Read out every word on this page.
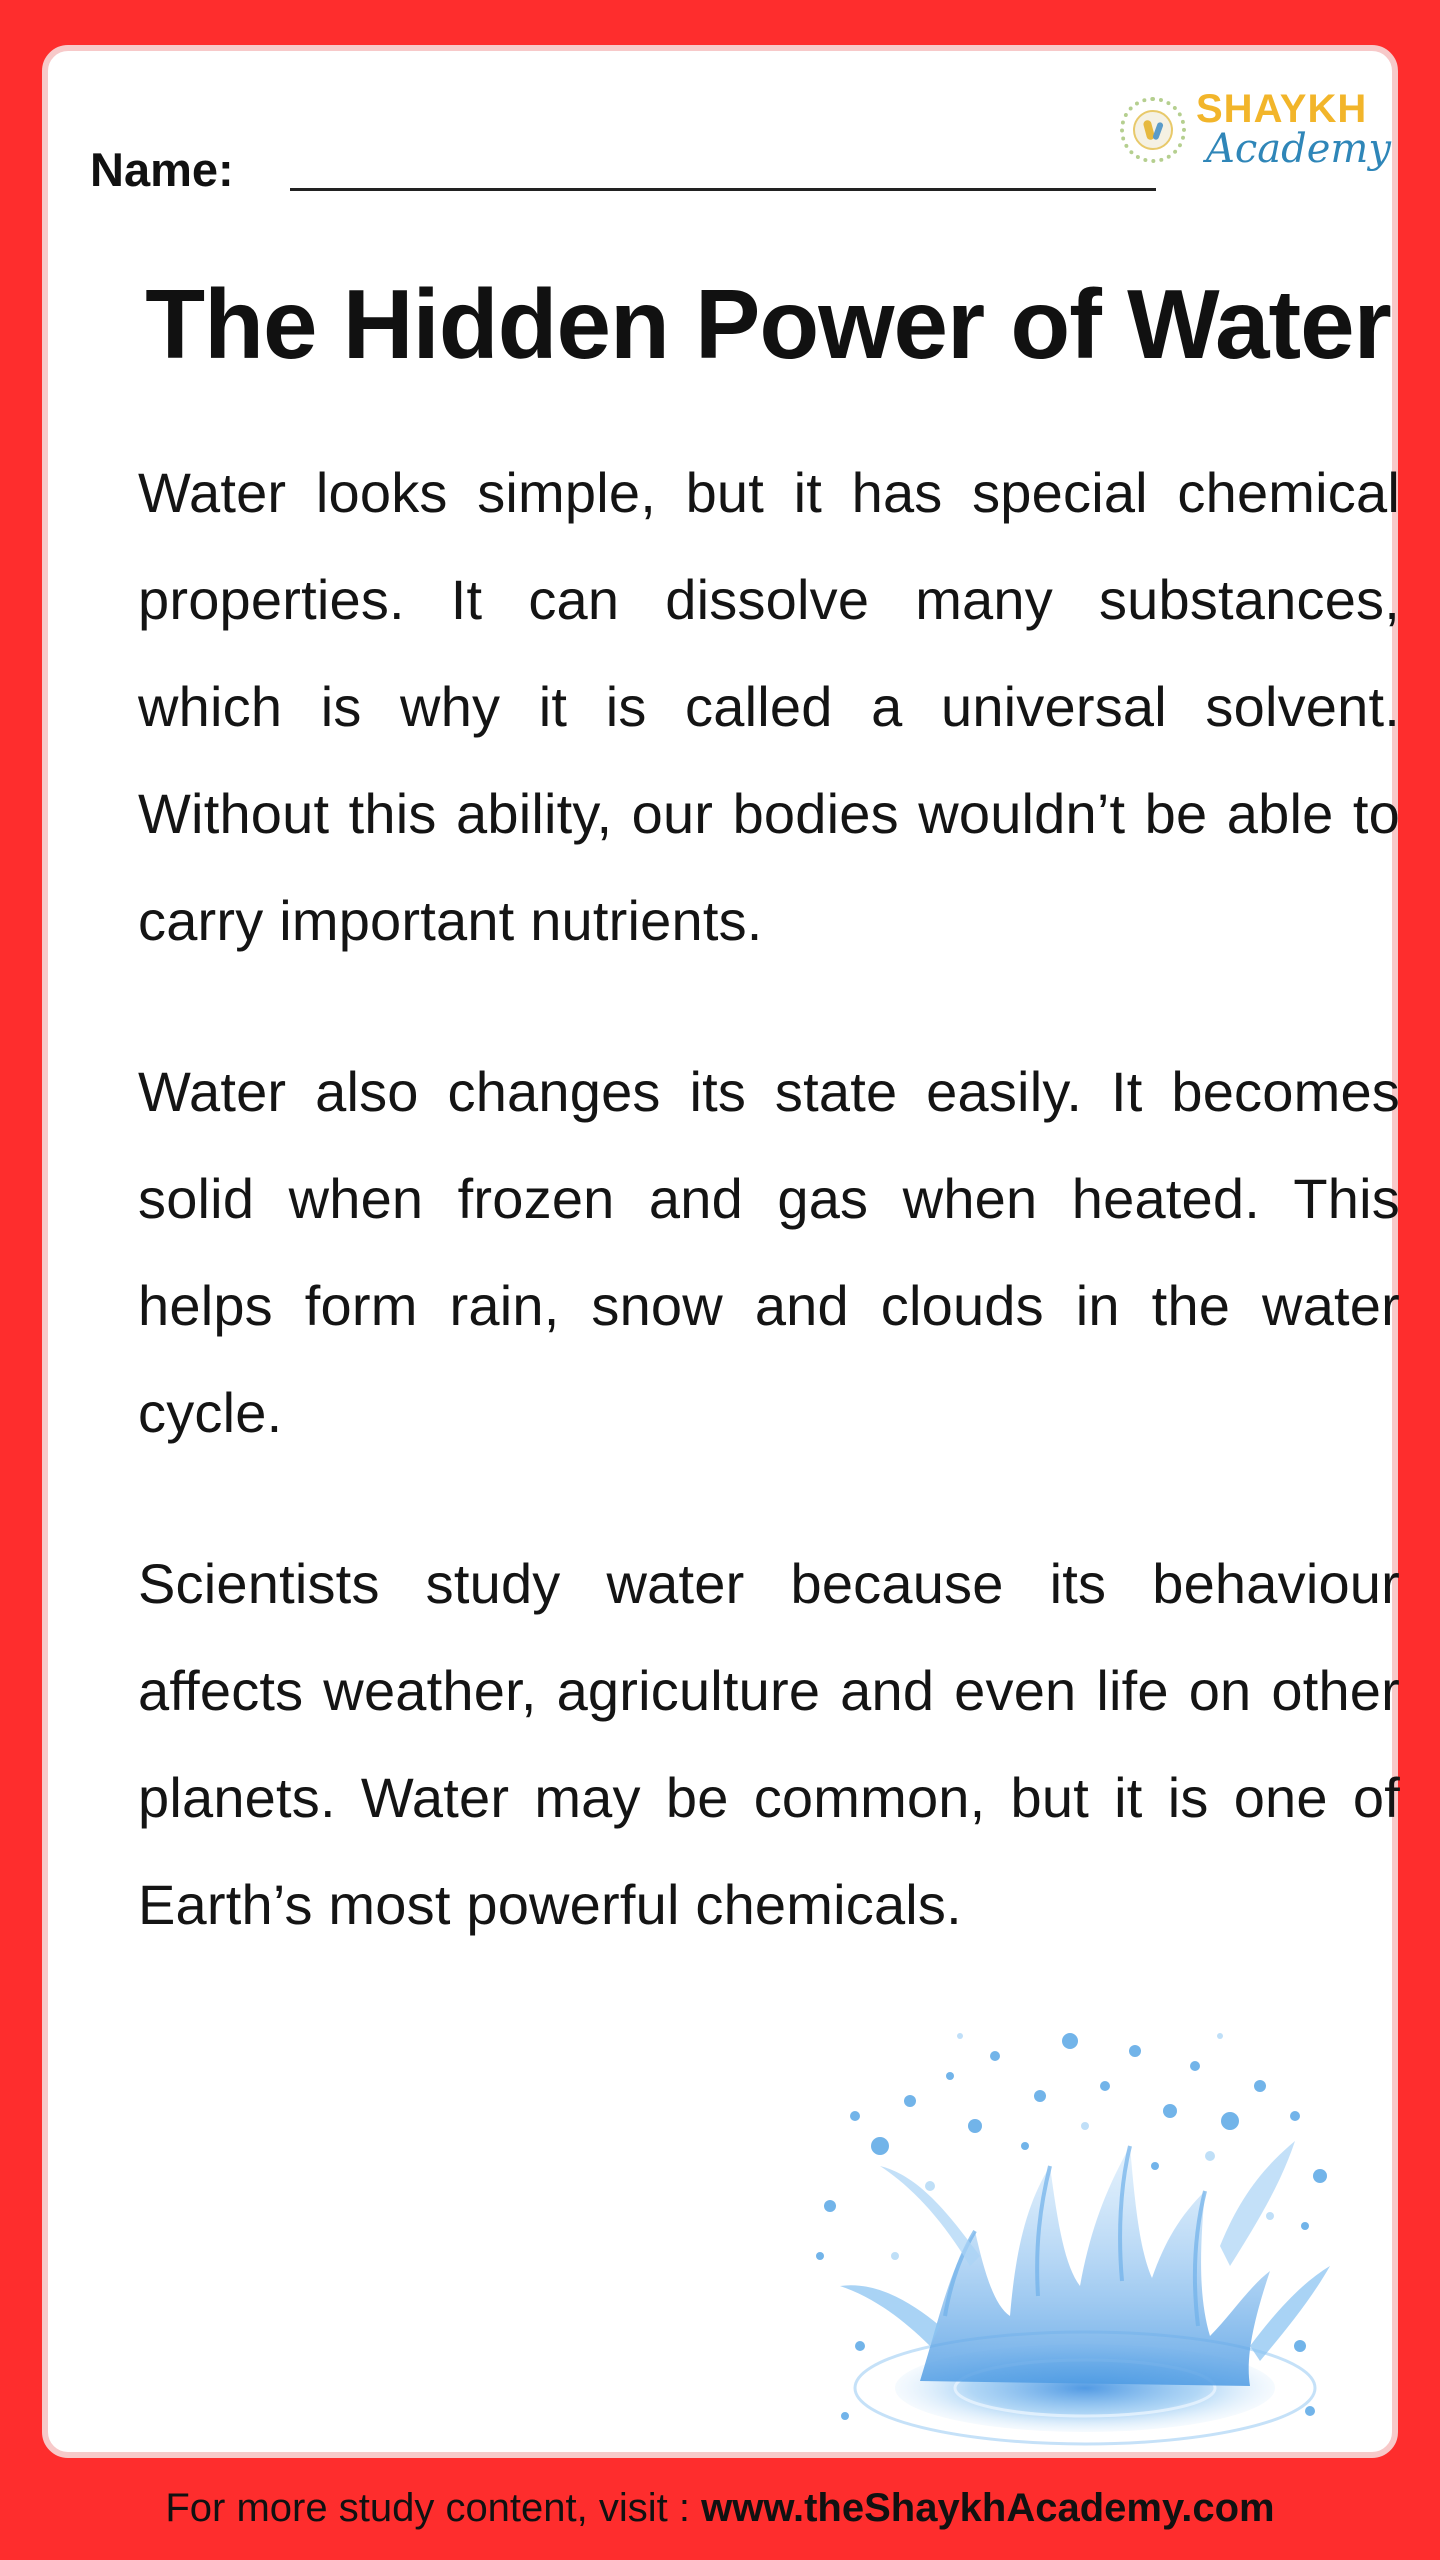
Name:
SHAYKH
Academy
The Hidden Power of Water

Water looks simple, but it has special chemical properties. It can dissolve many substances, which is why it is called a universal solvent. Without this ability, our bodies wouldn’t be able to carry important nutrients.

Water also changes its state easily. It becomes solid when frozen and gas when heated. This helps form rain, snow and clouds in the water cycle.

Scientists study water because its behaviour affects weather, agriculture and even life on other planets. Water may be common, but it is one of Earth’s most powerful chemicals.

For more study content, visit : www.theShaykhAcademy.com
